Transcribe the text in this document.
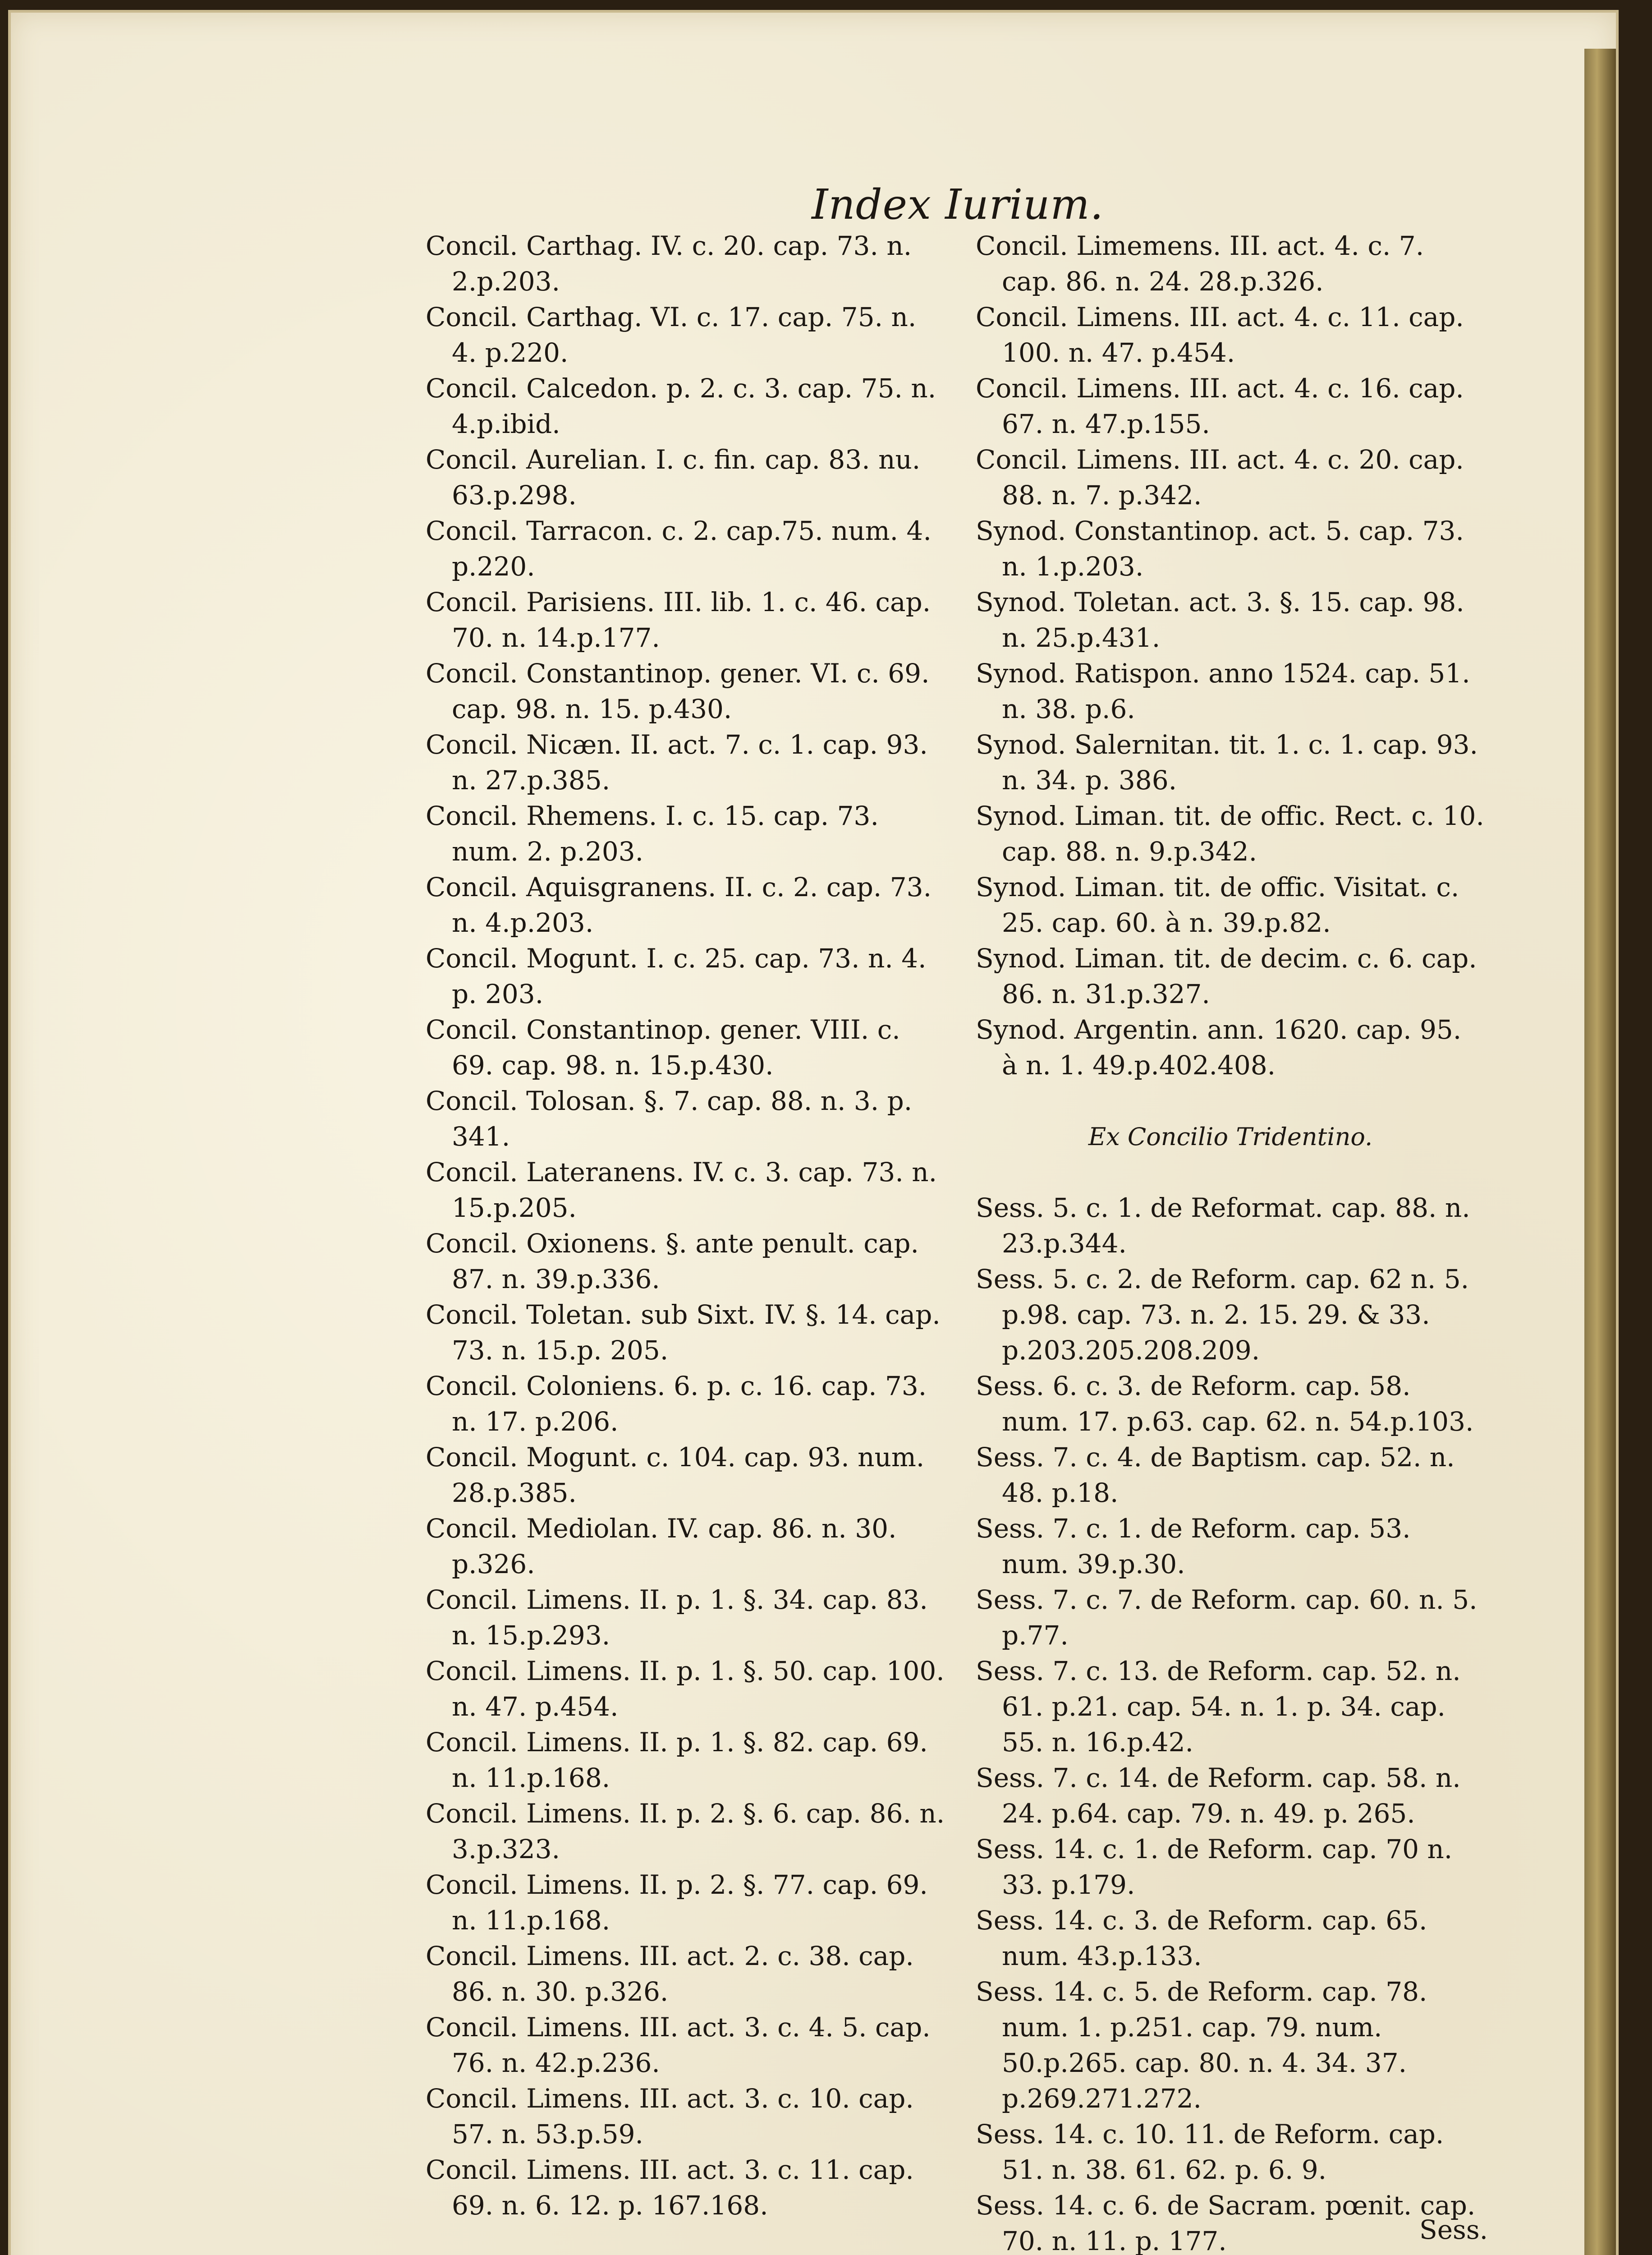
Index Iurium.
Concil. Carthag. IV. c. 20. cap. 73. n. 2.p.203.
Concil. Carthag. VI. c. 17. cap. 75. n. 4. p.220.
Concil. Calcedon. p. 2. c. 3. cap. 75. n. 4.p.ibid.
Concil. Aurelian. I. c. fin. cap. 83. nu. 63.p.298.
Concil. Tarracon. c. 2. cap.75. num. 4. p.220.
Concil. Parisiens. III. lib. 1. c. 46. cap. 70. n. 14.p.177.
Concil. Constantinop. gener. VI. c. 69. cap. 98. n. 15. p.430.
Concil. Nicæn. II. act. 7. c. 1. cap. 93. n. 27.p.385.
Concil. Rhemens. I. c. 15. cap. 73. num. 2. p.203.
Concil. Aquisgranens. II. c. 2. cap. 73. n. 4.p.203.
Concil. Mogunt. I. c. 25. cap. 73. n. 4. p. 203.
Concil. Constantinop. gener. VIII. c. 69. cap. 98. n. 15.p.430.
Concil. Tolosan. §. 7. cap. 88. n. 3. p. 341.
Concil. Lateranens. IV. c. 3. cap. 73. n. 15.p.205.
Concil. Oxionens. §. ante penult. cap. 87. n. 39.p.336.
Concil. Toletan. sub Sixt. IV. §. 14. cap. 73. n. 15.p. 205.
Concil. Coloniens. 6. p. c. 16. cap. 73. n. 17. p.206.
Concil. Mogunt. c. 104. cap. 93. num. 28.p.385.
Concil. Mediolan. IV. cap. 86. n. 30. p.326.
Concil. Limens. II. p. 1. §. 34. cap. 83. n. 15.p.293.
Concil. Limens. II. p. 1. §. 50. cap. 100. n. 47. p.454.
Concil. Limens. II. p. 1. §. 82. cap. 69. n. 11.p.168.
Concil. Limens. II. p. 2. §. 6. cap. 86. n. 3.p.323.
Concil. Limens. II. p. 2. §. 77. cap. 69. n. 11.p.168.
Concil. Limens. III. act. 2. c. 38. cap. 86. n. 30. p.326.
Concil. Limens. III. act. 3. c. 4. 5. cap. 76. n. 42.p.236.
Concil. Limens. III. act. 3. c. 10. cap. 57. n. 53.p.59.
Concil. Limens. III. act. 3. c. 11. cap. 69. n. 6. 12. p. 167.168.
Concil. Limemens. III. act. 4. c. 7. cap. 86. n. 24. 28.p.326.
Concil. Limens. III. act. 4. c. 11. cap. 100. n. 47. p.454.
Concil. Limens. III. act. 4. c. 16. cap. 67. n. 47.p.155.
Concil. Limens. III. act. 4. c. 20. cap. 88. n. 7. p.342.
Synod. Constantinop. act. 5. cap. 73. n. 1.p.203.
Synod. Toletan. act. 3. §. 15. cap. 98. n. 25.p.431.
Synod. Ratispon. anno 1524. cap. 51. n. 38. p.6.
Synod. Salernitan. tit. 1. c. 1. cap. 93. n. 34. p. 386.
Synod. Liman. tit. de offic. Rect. c. 10. cap. 88. n. 9.p.342.
Synod. Liman. tit. de offic. Visitat. c. 25. cap. 60. à n. 39.p.82.
Synod. Liman. tit. de decim. c. 6. cap. 86. n. 31.p.327.
Synod. Argentin. ann. 1620. cap. 95. à n. 1. 49.p.402.408.
Ex Concilio Tridentino.
Sess. 5. c. 1. de Reformat. cap. 88. n. 23.p.344.
Sess. 5. c. 2. de Reform. cap. 62 n. 5. p.98. cap. 73. n. 2. 15. 29. & 33. p.203.205.208.209.
Sess. 6. c. 3. de Reform. cap. 58. num. 17. p.63. cap. 62. n. 54.p.103.
Sess. 7. c. 4. de Baptism. cap. 52. n. 48. p.18.
Sess. 7. c. 1. de Reform. cap. 53. num. 39.p.30.
Sess. 7. c. 7. de Reform. cap. 60. n. 5. p.77.
Sess. 7. c. 13. de Reform. cap. 52. n. 61. p.21. cap. 54. n. 1. p. 34. cap. 55. n. 16.p.42.
Sess. 7. c. 14. de Reform. cap. 58. n. 24. p.64. cap. 79. n. 49. p. 265.
Sess. 14. c. 1. de Reform. cap. 70 n. 33. p.179.
Sess. 14. c. 3. de Reform. cap. 65. num. 43.p.133.
Sess. 14. c. 5. de Reform. cap. 78. num. 1. p.251. cap. 79. num. 50.p.265. cap. 80. n. 4. 34. 37. p.269.271.272.
Sess. 14. c. 10. 11. de Reform. cap. 51. n. 38. 61. 62. p. 6. 9.
Sess. 14. c. 6. de Sacram. pœnit. cap. 70. n. 11. p. 177.	Sess.
